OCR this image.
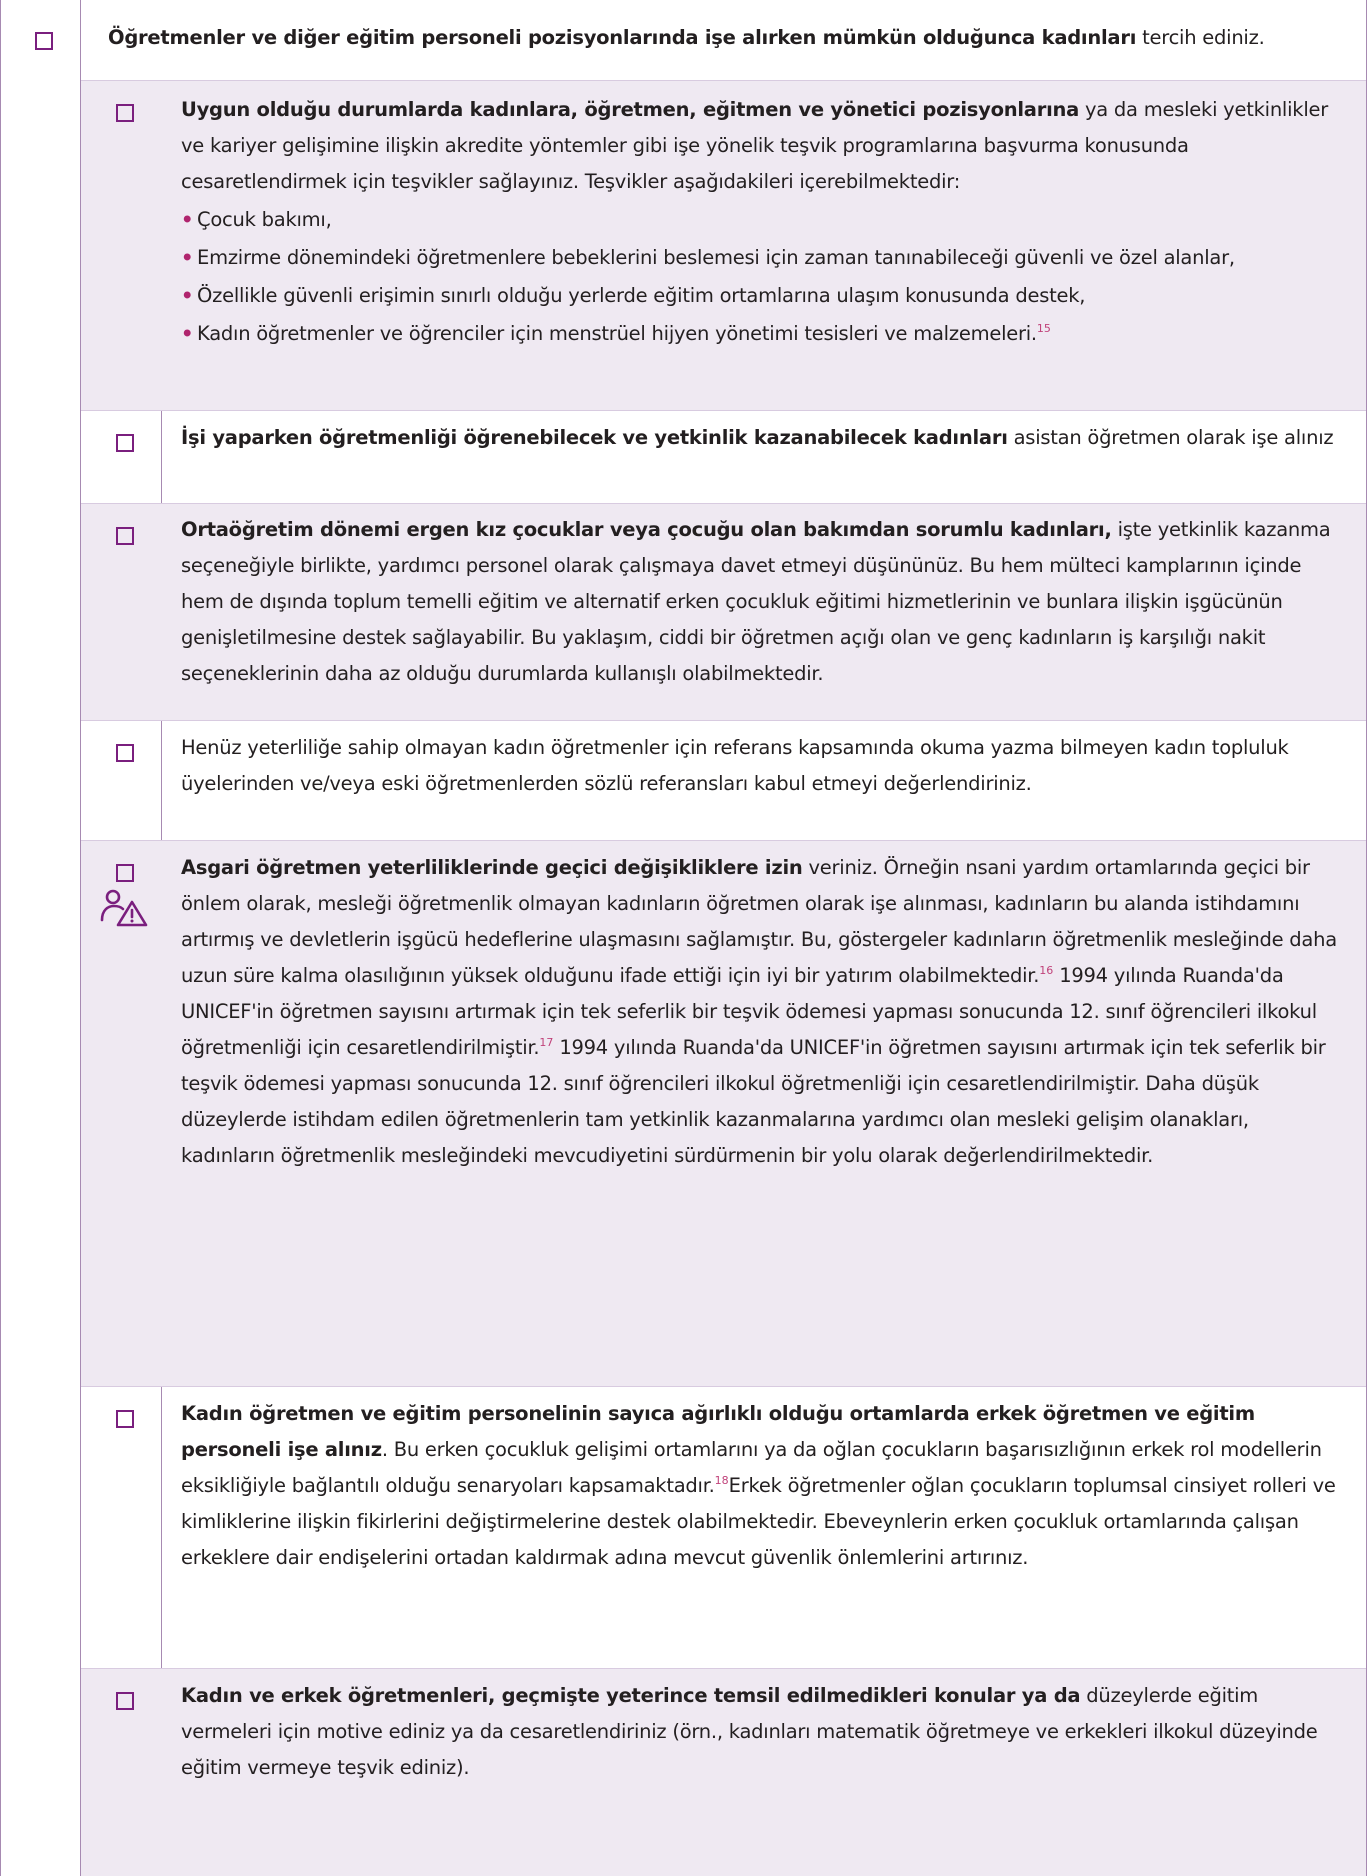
Öğretmenler ve diğer eğitim personeli pozisyonlarında işe alırken mümkün olduğunca kadınları tercih ediniz.

Uygun olduğu durumlarda kadınlara, öğretmen, eğitmen ve yönetici pozisyonlarına ya da mesleki yetkinlikler ve kariyer gelişimine ilişkin akredite yöntemler gibi işe yönelik teşvik programlarına başvurma konusunda cesaretlendirmek için teşvikler sağlayınız. Teşvikler aşağıdakileri içerebilmektedir:

• Çocuk bakımı,

• Emzirme dönemindeki öğretmenlere bebeklerini beslemesi için zaman tanınabileceği güvenli ve özel alanlar,

• Özellikle güvenli erişimin sınırlı olduğu yerlerde eğitim ortamlarına ulaşım konusunda destek,

• Kadın öğretmenler ve öğrenciler için menstrüel hijyen yönetimi tesisleri ve malzemeleri.$^{15}$

İşi yaparken öğretmenliği öğrenebilecek ve yetkinlik kazanabilecek kadınları asistan öğretmen olarak işe alınız

Ortaöğretim dönemi ergen kız çocuklar veya çocuğu olan bakımdan sorumlu kadınları, işte yetkinlik kazanma seçeneğiyle birlikte, yardımcı personel olarak çalışmaya davet etmeyi düşününüz. Bu hem mülteci kamplarının içinde hem de dışında toplum temelli eğitim ve alternatif erken çocukluk eğitimi hizmetlerinin ve bunlara ilişkin işgücünün genişletilmesine destek sağlayabilir. Bu yaklaşım, ciddi bir öğretmen açığı olan ve genç kadınların iş karşılığı nakit seçeneklerinin daha az olduğu durumlarda kullanışlı olabilmektedir.

Henüz yeterliliğe sahip olmayan kadın öğretmenler için referans kapsamında okuma yazma bilmeyen kadın topluluk üyelerinden ve/veya eski öğretmenlerden sözlü referansları kabul etmeyi değerlendiriniz.

Asgari öğretmen yeterliliklerinde geçici değişikliklere izin veriniz. Örneğin nsani yardım ortamlarında geçici bir önlem olarak, mesleği öğretmenlik olmayan kadınların öğretmen olarak işe alınması, kadınların bu alanda istihdamını artırmış ve devletlerin işgücü hedeflerine ulaşmasını sağlamıştır. Bu, göstergeler kadınların öğretmenlik mesleğinde daha uzun süre kalma olasılığının yüksek olduğunu ifade ettiği için iyi bir yatırım olabilmektedir.$^{16}$ 1994 yılında Ruanda'da UNICEF'in öğretmen sayısını artırmak için tek seferlik bir teşvik ödemesi yapması sonucunda 12. sınıf öğrencileri ilkokul öğretmenliği için cesaretlendirilmiştir.$^{17}$ 1994 yılında Ruanda'da UNICEF'in öğretmen sayısını artırmak için tek seferlik bir teşvik ödemesi yapması sonucunda 12. sınıf öğrencileri ilkokul öğretmenliği için cesaretlendirilmiştir. Daha düşük düzeylerde istihdam edilen öğretmenlerin tam yetkinlik kazanmalarına yardımcı olan mesleki gelişim olanakları, kadınların öğretmenlik mesleğindeki mevcudiyetini sürdürmenin bir yolu olarak değerlendirilmektedir.

Kadın öğretmen ve eğitim personelinin sayıca ağırlıklı olduğu ortamlarda erkek öğretmen ve eğitim personeli işe alınız. Bu erken çocukluk gelişimi ortamlarını ya da oğlan çocukların başarısızlığının erkek rol modellerin eksikliğiyle bağlantılı olduğu senaryoları kapsamaktadır.$^{18}$Erkek öğretmenler oğlan çocukların toplumsal cinsiyet rolleri ve kimliklerine ilişkin fikirlerini değiştirmelerine destek olabilmektedir. Ebeveynlerin erken çocukluk ortamlarında çalışan erkeklere dair endişelerini ortadan kaldırmak adına mevcut güvenlik önlemlerini artırınız.

Kadın ve erkek öğretmenleri, geçmişte yeterince temsil edilmedikleri konular ya da düzeylerde eğitim vermeleri için motive ediniz ya da cesaretlendiriniz (örn., kadınları matematik öğretmeye ve erkekleri ilkokul düzeyinde eğitim vermeye teşvik ediniz).
